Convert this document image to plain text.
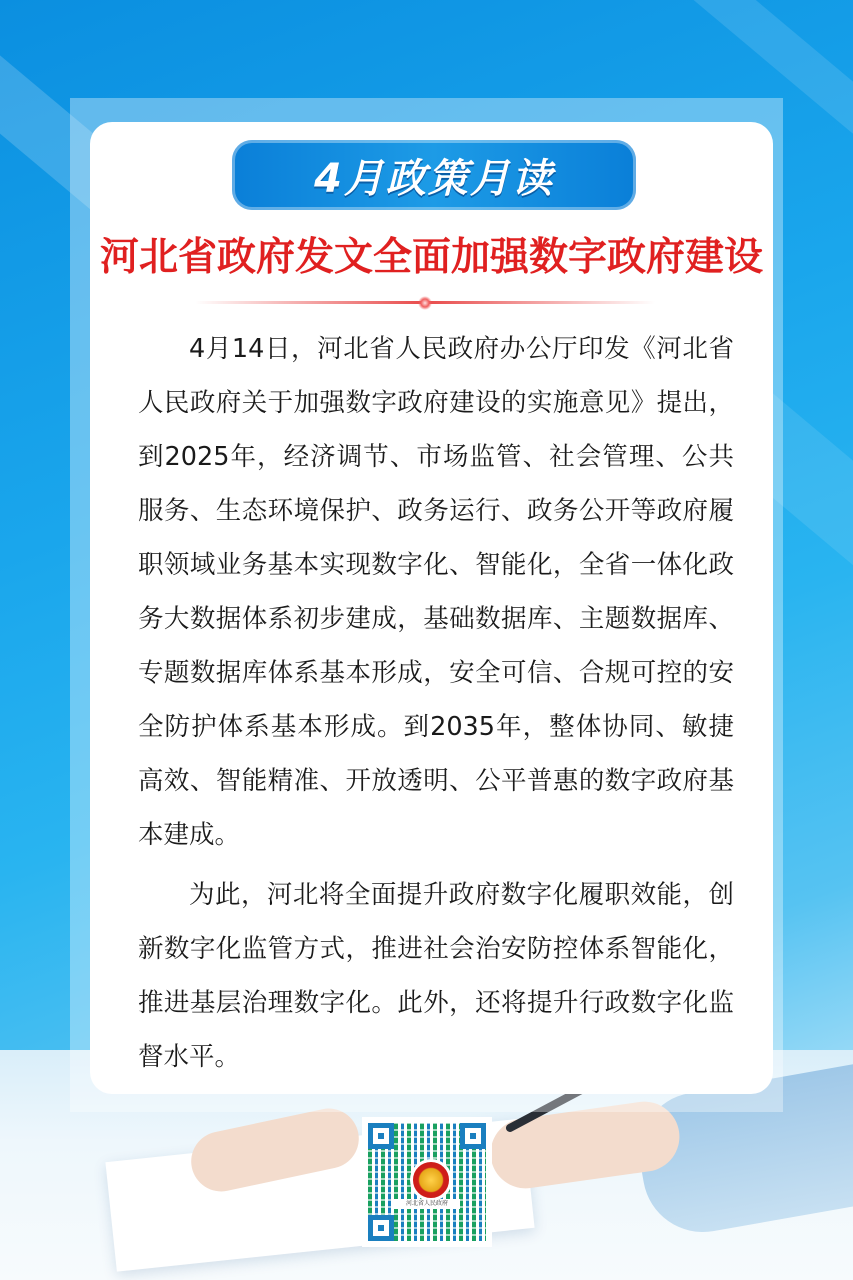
4月政策月读
河北省政府发文全面加强数字政府建设

4月14日，河北省人民政府办公厅印发《河北省人民政府关于加强数字政府建设的实施意见》提出，到2025年，经济调节、市场监管、社会管理、公共服务、生态环境保护、政务运行、政务公开等政府履职领域业务基本实现数字化、智能化，全省一体化政务大数据体系初步建成，基础数据库、主题数据库、专题数据库体系基本形成，安全可信、合规可控的安全防护体系基本形成。到2035年，整体协同、敏捷高效、智能精准、开放透明、公平普惠的数字政府基本建成。

为此，河北将全面提升政府数字化履职效能，创新数字化监管方式，推进社会治安防控体系智能化，推进基层治理数字化。此外，还将提升行政数字化监督水平。

河北省人民政府
